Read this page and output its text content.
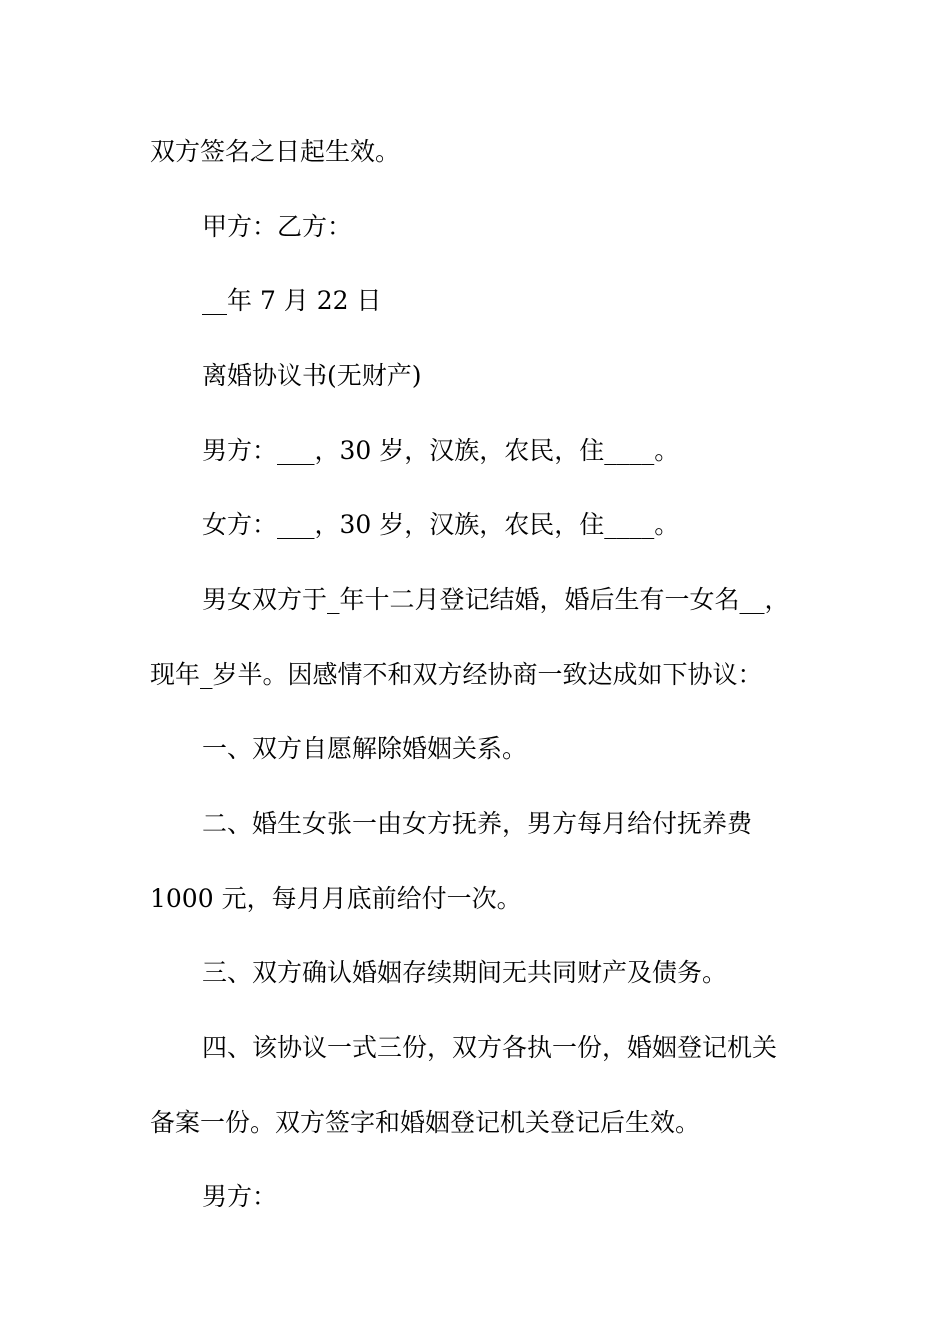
双方签名之日起生效。
甲方：乙方：
__年 7 月 22 日
离婚协议书(无财产)
男方：___，30 岁，汉族，农民，住____。
女方：___，30 岁，汉族，农民，住____。
男女双方于_年十二月登记结婚，婚后生有一女名__，
现年_岁半。因感情不和双方经协商一致达成如下协议：
一、双方自愿解除婚姻关系。
二、婚生女张一由女方抚养，男方每月给付抚养费
1000 元，每月月底前给付一次。
三、双方确认婚姻存续期间无共同财产及债务。
四、该协议一式三份，双方各执一份，婚姻登记机关
备案一份。双方签字和婚姻登记机关登记后生效。
男方：
